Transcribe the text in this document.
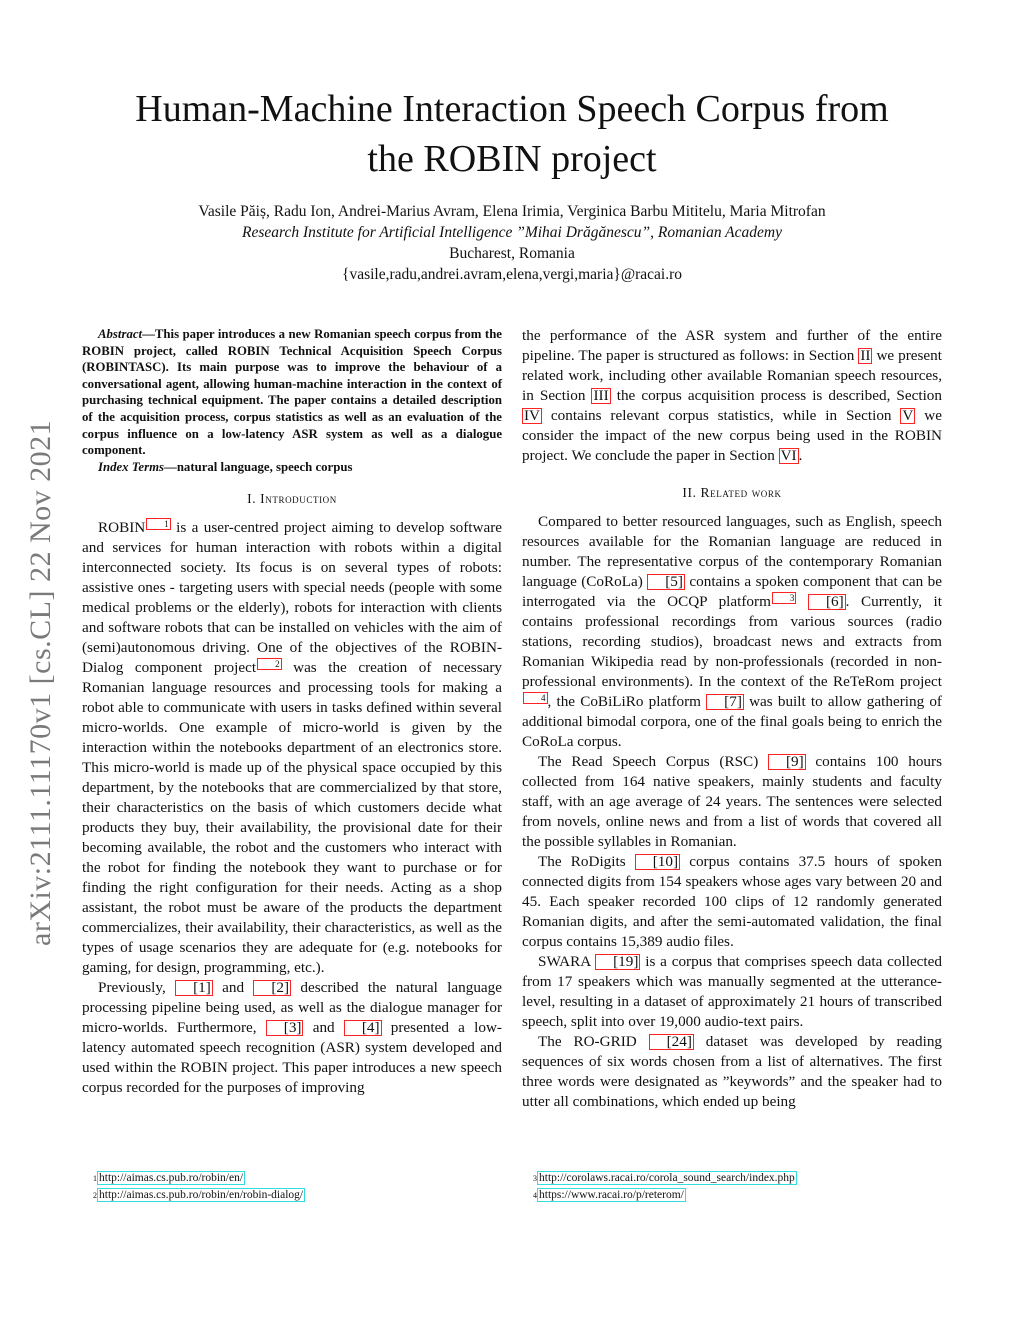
arXiv:2111.11170v1 [cs.CL] 22 Nov 2021
Human-Machine Interaction Speech Corpus from
the ROBIN project
Vasile Păiș, Radu Ion, Andrei-Marius Avram, Elena Irimia, Verginica Barbu Mititelu, Maria Mitrofan
Research Institute for Artificial Intelligence ”Mihai Drăgănescu”, Romanian Academy
Bucharest, Romania
{vasile,radu,andrei.avram,elena,vergi,maria}@racai.ro

Abstract—This paper introduces a new Romanian speech corpus from the ROBIN project, called ROBIN Technical Acquisition Speech Corpus (ROBINTASC). Its main purpose was to improve the behaviour of a conversational agent, allowing human-machine interaction in the context of purchasing technical equipment. The paper contains a detailed description of the acquisition process, corpus statistics as well as an evaluation of the corpus influence on a low-latency ASR system as well as a dialogue component.

Index Terms—natural language, speech corpus

I. Introduction

ROBIN 1 is a user-centred project aiming to develop software and services for human interaction with robots within a digital interconnected society. Its focus is on several types of robots: assistive ones - targeting users with special needs (people with some medical problems or the elderly), robots for interaction with clients and software robots that can be installed on vehicles with the aim of (semi)autonomous driving. One of the objectives of the ROBIN-Dialog component project 2 was the creation of necessary Romanian language resources and processing tools for making a robot able to communicate with users in tasks defined within several micro-worlds. One example of micro-world is given by the interaction within the notebooks department of an electronics store. This micro-world is made up of the physical space occupied by this department, by the notebooks that are commercialized by that store, their characteristics on the basis of which customers decide what products they buy, their availability, the provisional date for their becoming available, the robot and the customers who interact with the robot for finding the notebook they want to purchase or for finding the right configuration for their needs. Acting as a shop assistant, the robot must be aware of the products the department commercializes, their availability, their characteristics, as well as the types of usage scenarios they are adequate for (e.g. notebooks for gaming, for design, programming, etc.).

Previously, [1] and [2] described the natural language processing pipeline being used, as well as the dialogue manager for micro-worlds. Furthermore, [3] and [4] presented a low-latency automated speech recognition (ASR) system developed and used within the ROBIN project. This paper introduces a new speech corpus recorded for the purposes of improving

the performance of the ASR system and further of the entire pipeline. The paper is structured as follows: in Section II we present related work, including other available Romanian speech resources, in Section III the corpus acquisition process is described, Section IV contains relevant corpus statistics, while in Section V we consider the impact of the new corpus being used in the ROBIN project. We conclude the paper in Section VI .

II. Related work

Compared to better resourced languages, such as English, speech resources available for the Romanian language are reduced in number. The representative corpus of the contemporary Romanian language (CoRoLa) [5] contains a spoken component that can be interrogated via the OCQP platform 3 [6] . Currently, it contains professional recordings from various sources (radio stations, recording studios), broadcast news and extracts from Romanian Wikipedia read by non-professionals (recorded in non-professional environments). In the context of the ReTeRom project4 , the CoBiLiRo platform [7] was built to allow gathering of additional bimodal corpora, one of the final goals being to enrich the CoRoLa corpus.

The Read Speech Corpus (RSC) [9] contains 100 hours collected from 164 native speakers, mainly students and faculty staff, with an age average of 24 years. The sentences were selected from novels, online news and from a list of words that covered all the possible syllables in Romanian.

The RoDigits [10] corpus contains 37.5 hours of spoken connected digits from 154 speakers whose ages vary between 20 and 45. Each speaker recorded 100 clips of 12 randomly generated Romanian digits, and after the semi-automated validation, the final corpus contains 15,389 audio files.

SWARA [19] is a corpus that comprises speech data collected from 17 speakers which was manually segmented at the utterance-level, resulting in a dataset of approximately 21 hours of transcribed speech, split into over 19,000 audio-text pairs.

The RO-GRID [24] dataset was developed by reading sequences of six words chosen from a list of alternatives. The first three words were designated as ”keywords” and the speaker had to utter all combinations, which ended up being

$^1$ http://aimas.cs.pub.ro/robin/en/
$^2$ http://aimas.cs.pub.ro/robin/en/robin-dialog/
$^3$ http://corolaws.racai.ro/corola_sound_search/index.php
$^4$ https://www.racai.ro/p/reterom/
